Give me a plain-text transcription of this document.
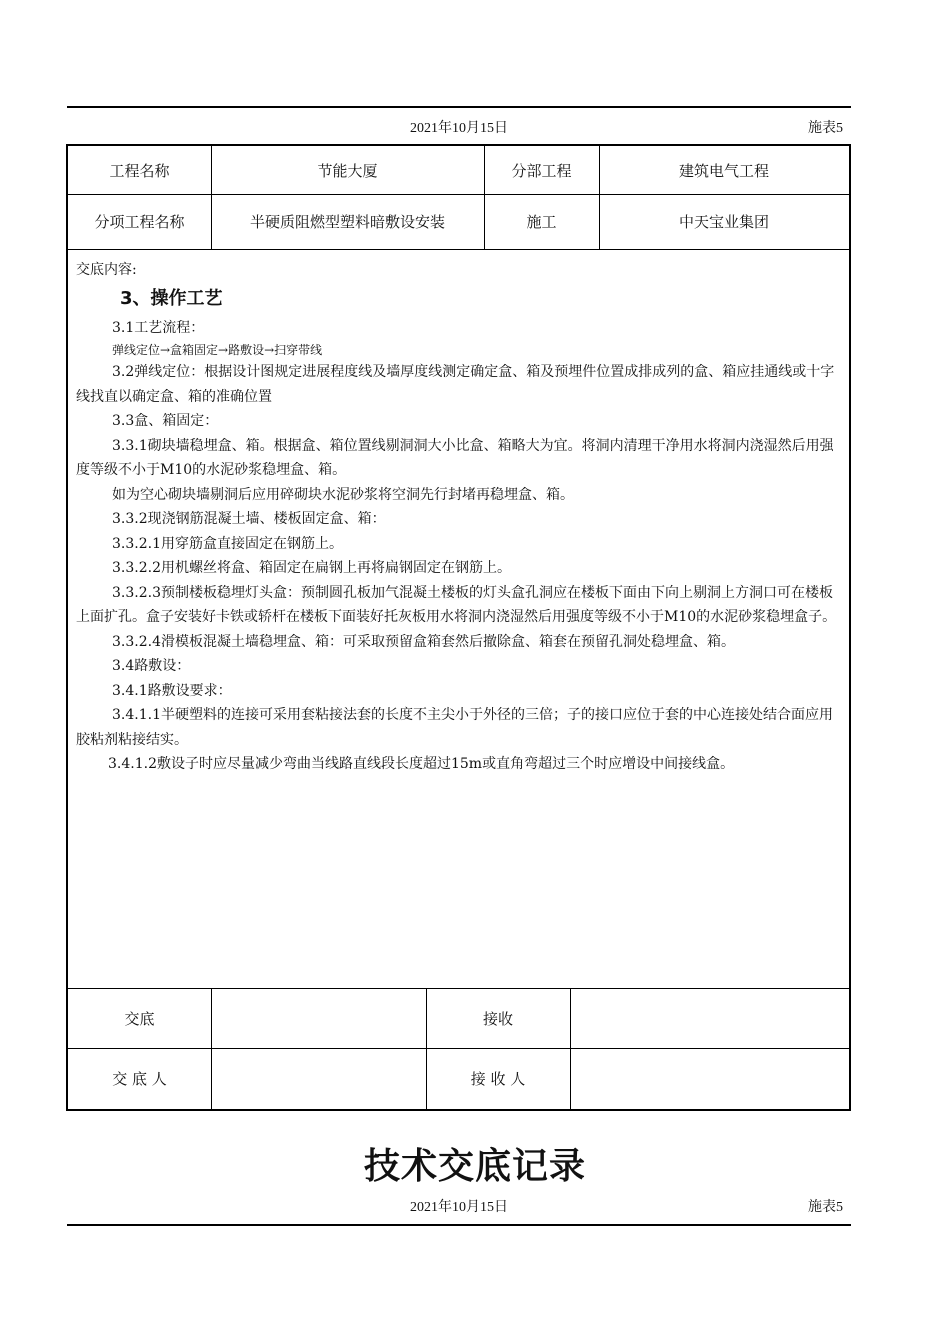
2021年10月15日	施表5
工程名称	节能大厦	分部工程	建筑电气工程
分项工程名称	半硬质阻燃型塑料暗敷设安装	施工	中天宝业集团

交底内容:

3、操作工艺

3.1工艺流程：

弹线定位→盒箱固定→路敷设→扫穿带线

3.2弹线定位：根据设计图规定进展程度线及墙厚度线测定确定盒、箱及预埋件位置成排成列的盒、箱应挂通线或十字线找直以确定盒、箱的准确位置

3.3盒、箱固定：

3.3.1砌块墙稳埋盒、箱。根据盒、箱位置线剔洞洞大小比盒、箱略大为宜。将洞内清理干净用水将洞内浇湿然后用强度等级不小于M10的水泥砂浆稳埋盒、箱。

如为空心砌块墙剔洞后应用碎砌块水泥砂浆将空洞先行封堵再稳埋盒、箱。

3.3.2现浇钢筋混凝土墙、楼板固定盒、箱：

3.3.2.1用穿筋盒直接固定在钢筋上。

3.3.2.2用机螺丝将盒、箱固定在扁钢上再将扁钢固定在钢筋上。

3.3.2.3预制楼板稳埋灯头盒：预制圆孔板加气混凝土楼板的灯头盒孔洞应在楼板下面由下向上剔洞上方洞口可在楼板上面扩孔。盒子安装好卡铁或轿杆在楼板下面装好托灰板用水将洞内浇湿然后用强度等级不小于M10的水泥砂浆稳埋盒子。

3.3.2.4滑模板混凝土墙稳埋盒、箱：可采取预留盒箱套然后撤除盒、箱套在预留孔洞处稳埋盒、箱。

3.4路敷设：

3.4.1路敷设要求：

3.4.1.1半硬塑料的连接可采用套粘接法套的长度不主尖小于外径的三倍；子的接口应位于套的中心连接处结合面应用胶粘剂粘接结实。

3.4.1.2敷设子时应尽量减少弯曲当线路直线段长度超过15m或直角弯超过三个时应增设中间接线盒。

交底	接收
交 底 人	接 收 人
技术交底记录
2021年10月15日	施表5
